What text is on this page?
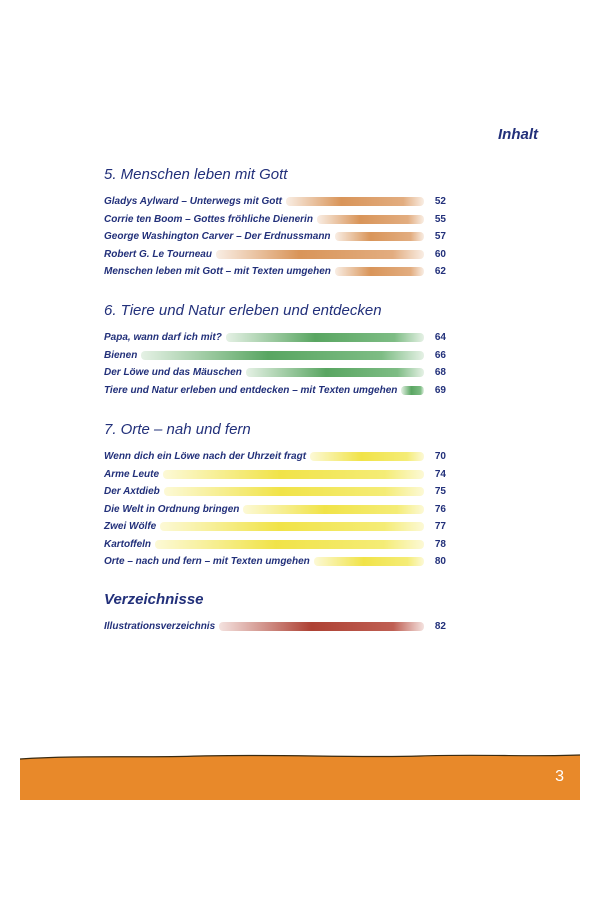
Inhalt
5. Menschen leben mit Gott
Gladys Aylward – Unterwegs mit Gott	52
Corrie ten Boom – Gottes fröhliche Dienerin	55
George Washington Carver – Der Erdnussmann	57
Robert G. Le Tourneau	60
Menschen leben mit Gott – mit Texten umgehen	62
6. Tiere und Natur erleben und entdecken
Papa, wann darf ich mit?	64
Bienen	66
Der Löwe und das Mäuschen	68
Tiere und Natur erleben und entdecken – mit Texten umgehen	69
7. Orte – nah und fern
Wenn dich ein Löwe nach der Uhrzeit fragt	70
Arme Leute	74
Der Axtdieb	75
Die Welt in Ordnung bringen	76
Zwei Wölfe	77
Kartoffeln	78
Orte – nach und fern – mit Texten umgehen	80
Verzeichnisse
Illustrationsverzeichnis	82
3
